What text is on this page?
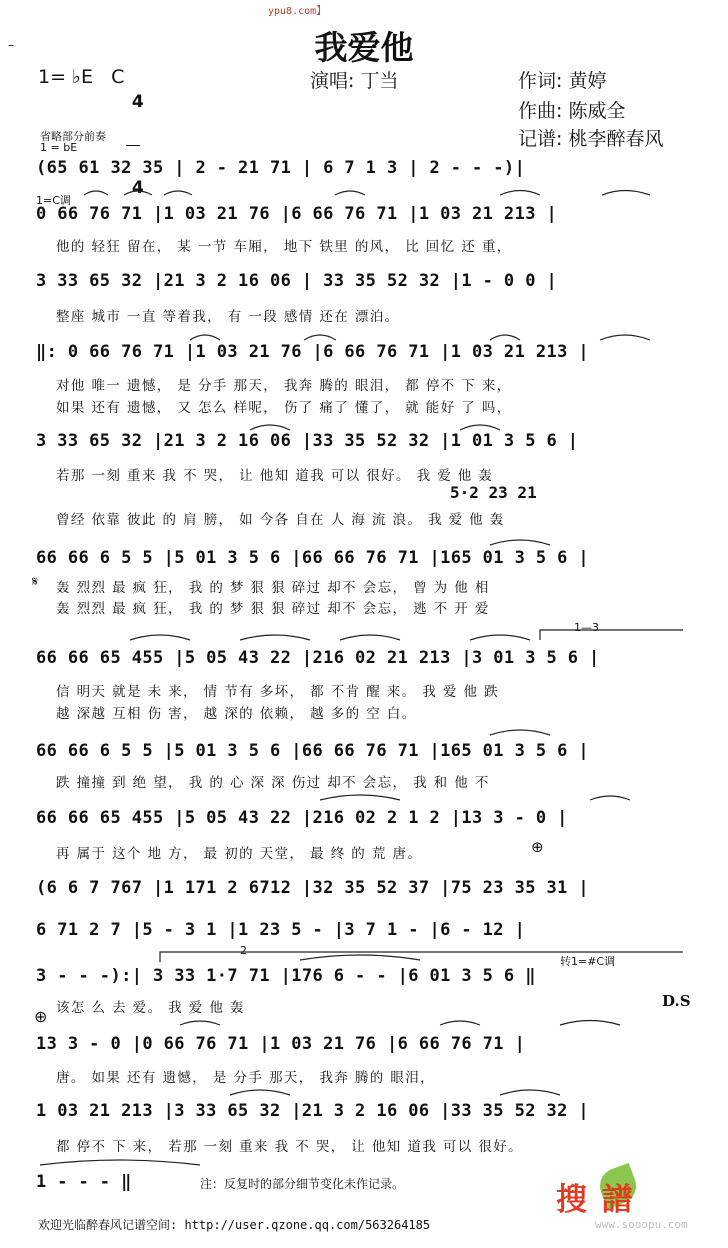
ypu8.com】
–	我爱他
1= ♭E   C

4

4

演唱: 丁当	作词: 黄婷
作曲: 陈威全
记谱: 桃李醉春风
省略部分前奏
1 = bE
1=C调
(65 61 32 35 | 2 - 21 71 | 6 7 1 3 | 2 - - -)|
0 66 76 71 |1 03 21 76 |6 66 76 71 |1 03 21 213 |
他的 轻狂 留在， 某 一节 车厢， 地下 铁里 的风， 比 回忆 还 重，
3 33 65 32 |21 3 2 16 06 | 33 35 52 32 |1 - 0 0 |
整座 城市 一直 等着我， 有 一段 感情 还在 漂泊。
‖: 0 66 76 71 |1 03 21 76 |6 66 76 71 |1 03 21 213 |
对他 唯一 遗憾， 是 分手 那天， 我奔 腾的 眼泪， 都 停不 下 来，
如果 还有 遗憾， 又 怎么 样呢， 伤了 痛了 懂了， 就 能好 了 吗，
3 33 65 32 |21 3 2 16 06 |33 35 52 32 |1 01 3 5 6 |
若那 一刻 重来 我 不 哭， 让 他知 道我 可以 很好。 我 爱 他 轰
5·2 23 21
曾经 依靠 彼此 的 肩 膀， 如 今各 自在 人 海 流 浪。 我 爱 他 轰
66 66 6 5 5 |5 01 3 5 6 |66 66 76 71 |165 01 3 5 6 |
轰 烈烈 最 疯 狂， 我 的 梦 狠 狠 碎过 却不 会忘， 曾 为 他 相
轰 烈烈 最 疯 狂， 我 的 梦 狠 狠 碎过 却不 会忘， 逃 不 开 爱
1—3
66 66 65 455 |5 05 43 22 |216 02 21 213 |3 01 3 5 6 |
信 明天 就是 未 来， 情 节有 多坏， 都 不肯 醒 来。 我 爱 他 跌
越 深越 互相 伤 害， 越 深的 依赖， 越 多的 空 白。
66 66 6 5 5 |5 01 3 5 6 |66 66 76 71 |165 01 3 5 6 |
跌 撞撞 到 绝 望， 我 的 心 深 深 伤过 却不 会忘， 我 和 他 不
66 66 65 455 |5 05 43 22 |216 02 2 1 2 |13 3 - 0 |
再 属于 这个 地 方， 最 初的 天堂， 最 终 的 荒 唐。
(6 6 7 767 |1 171 2 6712 |32 35 52 37 |75 23 35 31 |
6 71 2 7 |5 - 3 1 |1 23 5 - |3 7 1 - |6 - 12 |
2
转1=#C调
3 - - -):| 3 33 1·7 71 |176 6 - - |6 01 3 5 6 ‖
D.S
该怎 么 去 爱。 我 爱 他 轰
13 3 - 0 |0 66 76 71 |1 03 21 76 |6 66 76 71 |
唐。 如果 还有 遗憾， 是 分手 那天， 我奔 腾的 眼泪，
1 03 21 213 |3 33 65 32 |21 3 2 16 06 |33 35 52 32 |
都 停不 下 来， 若那 一刻 重来 我 不 哭， 让 他知 道我 可以 很好。
1 - - - ‖	注：反复时的部分细节变化未作记录。
⊕
⊕
𝄋
搜 譜
www.sooopu.com
欢迎光临醉春风记谱空间: http://user.qzone.qq.com/563264185
